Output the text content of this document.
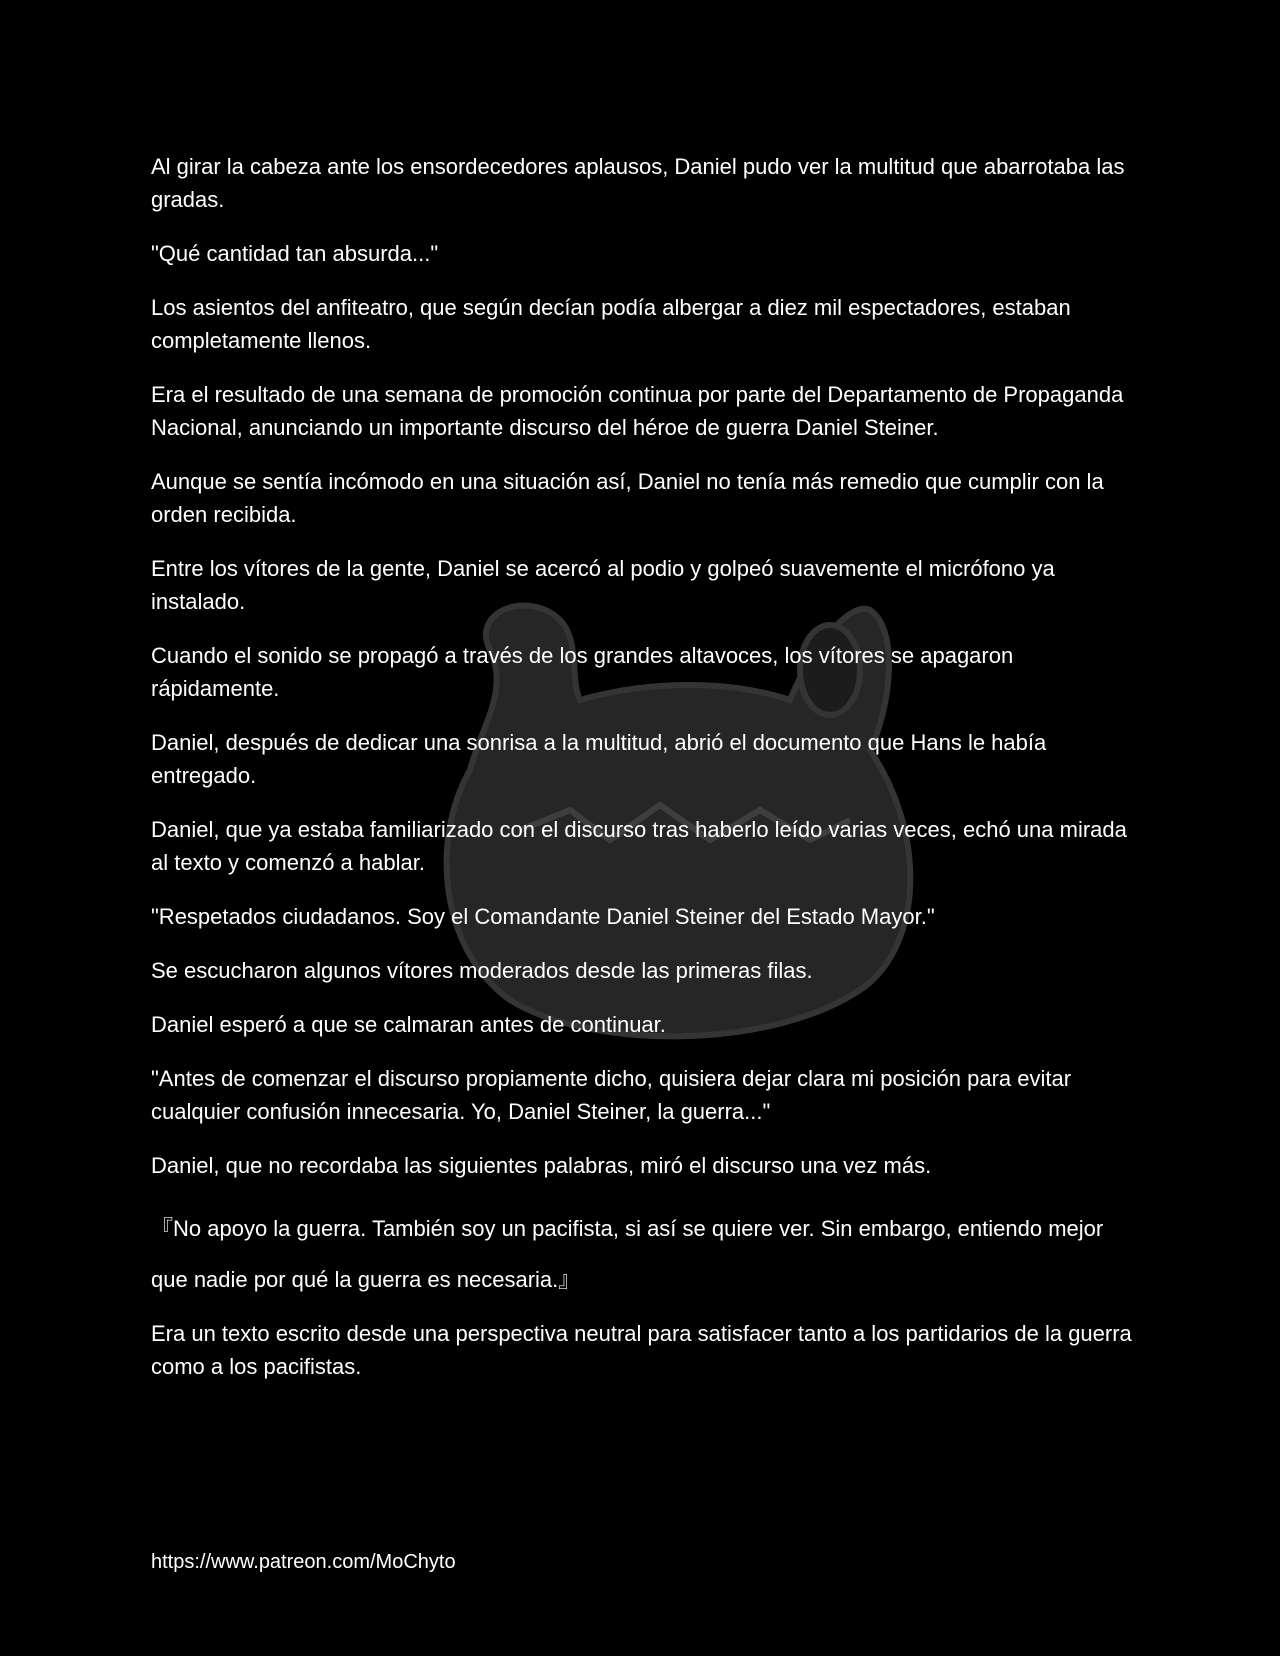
Al girar la cabeza ante los ensordecedores aplausos, Daniel pudo ver la multitud que abarrotaba las gradas.

"Qué cantidad tan absurda..."

Los asientos del anfiteatro, que según decían podía albergar a diez mil espectadores, estaban completamente llenos.

Era el resultado de una semana de promoción continua por parte del Departamento de Propaganda Nacional, anunciando un importante discurso del héroe de guerra Daniel Steiner.

Aunque se sentía incómodo en una situación así, Daniel no tenía más remedio que cumplir con la orden recibida.

Entre los vítores de la gente, Daniel se acercó al podio y golpeó suavemente el micrófono ya instalado.

Cuando el sonido se propagó a través de los grandes altavoces, los vítores se apagaron rápidamente.

Daniel, después de dedicar una sonrisa a la multitud, abrió el documento que Hans le había entregado.

Daniel, que ya estaba familiarizado con el discurso tras haberlo leído varias veces, echó una mirada al texto y comenzó a hablar.

"Respetados ciudadanos. Soy el Comandante Daniel Steiner del Estado Mayor."

Se escucharon algunos vítores moderados desde las primeras filas.

Daniel esperó a que se calmaran antes de continuar.

"Antes de comenzar el discurso propiamente dicho, quisiera dejar clara mi posición para evitar cualquier confusión innecesaria. Yo, Daniel Steiner, la guerra..."

Daniel, que no recordaba las siguientes palabras, miró el discurso una vez más.

『No apoyo la guerra. También soy un pacifista, si así se quiere ver. Sin embargo, entiendo mejor que nadie por qué la guerra es necesaria.』

Era un texto escrito desde una perspectiva neutral para satisfacer tanto a los partidarios de la guerra como a los pacifistas.

https://www.patreon.com/MoChyto
